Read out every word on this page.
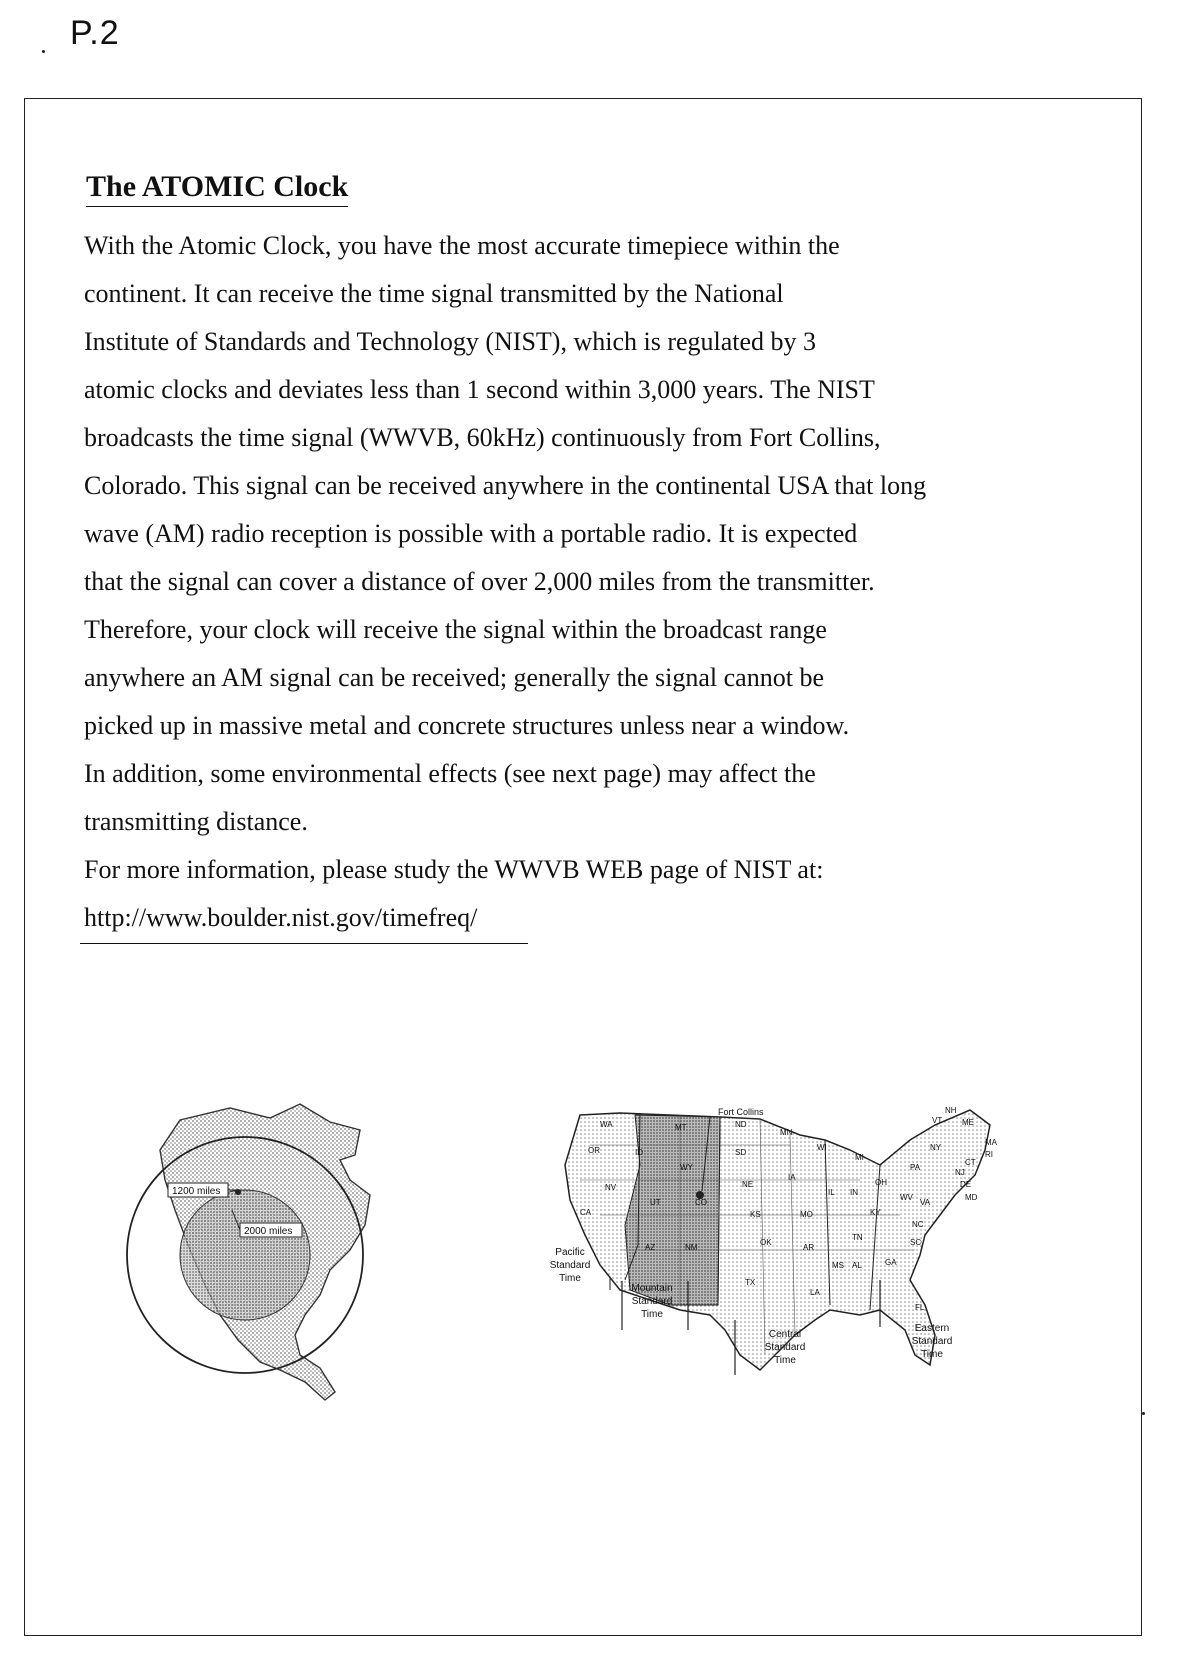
P.2
The ATOMIC Clock
With the Atomic Clock, you have the most accurate timepiece within the
continent. It can receive the time signal transmitted by the National
Institute of Standards and Technology (NIST), which is regulated by 3
atomic clocks and deviates less than 1 second within 3,000 years. The NIST
broadcasts the time signal (WWVB, 60kHz) continuously from Fort Collins,
Colorado. This signal can be received anywhere in the continental USA that long
wave (AM) radio reception is possible with a portable radio. It is expected
that the signal can cover a distance of over 2,000 miles from the transmitter.
Therefore, your clock will receive the signal within the broadcast range
anywhere an AM signal can be received; generally the signal cannot be
picked up in massive metal and concrete structures unless near a window.
In addition, some environmental effects (see next page) may affect the
transmitting distance.
For more information, please study the WWVB WEB page of NIST at:
http://www.boulder.nist.gov/timefreq/
1200 miles
2000 miles
Fort Collins
WA
OR
CA
NV
ID
MT
WY
UT
AZ	NM
CO
ND
SD
NE
KS
OK
TX
MN
IA
MO
AR
LA
WI
IL
MS AL
TN
IN
MI
OH
KY
GA
FL
SC
NC
VA
WV
PA
NY
VT
NH
ME
MA
RI
CT
NJ
DE
MD
Pacific
Standard
Time
Mountain
Standard
Time
Central
Standard
Time
Eastern
Standard
Time
